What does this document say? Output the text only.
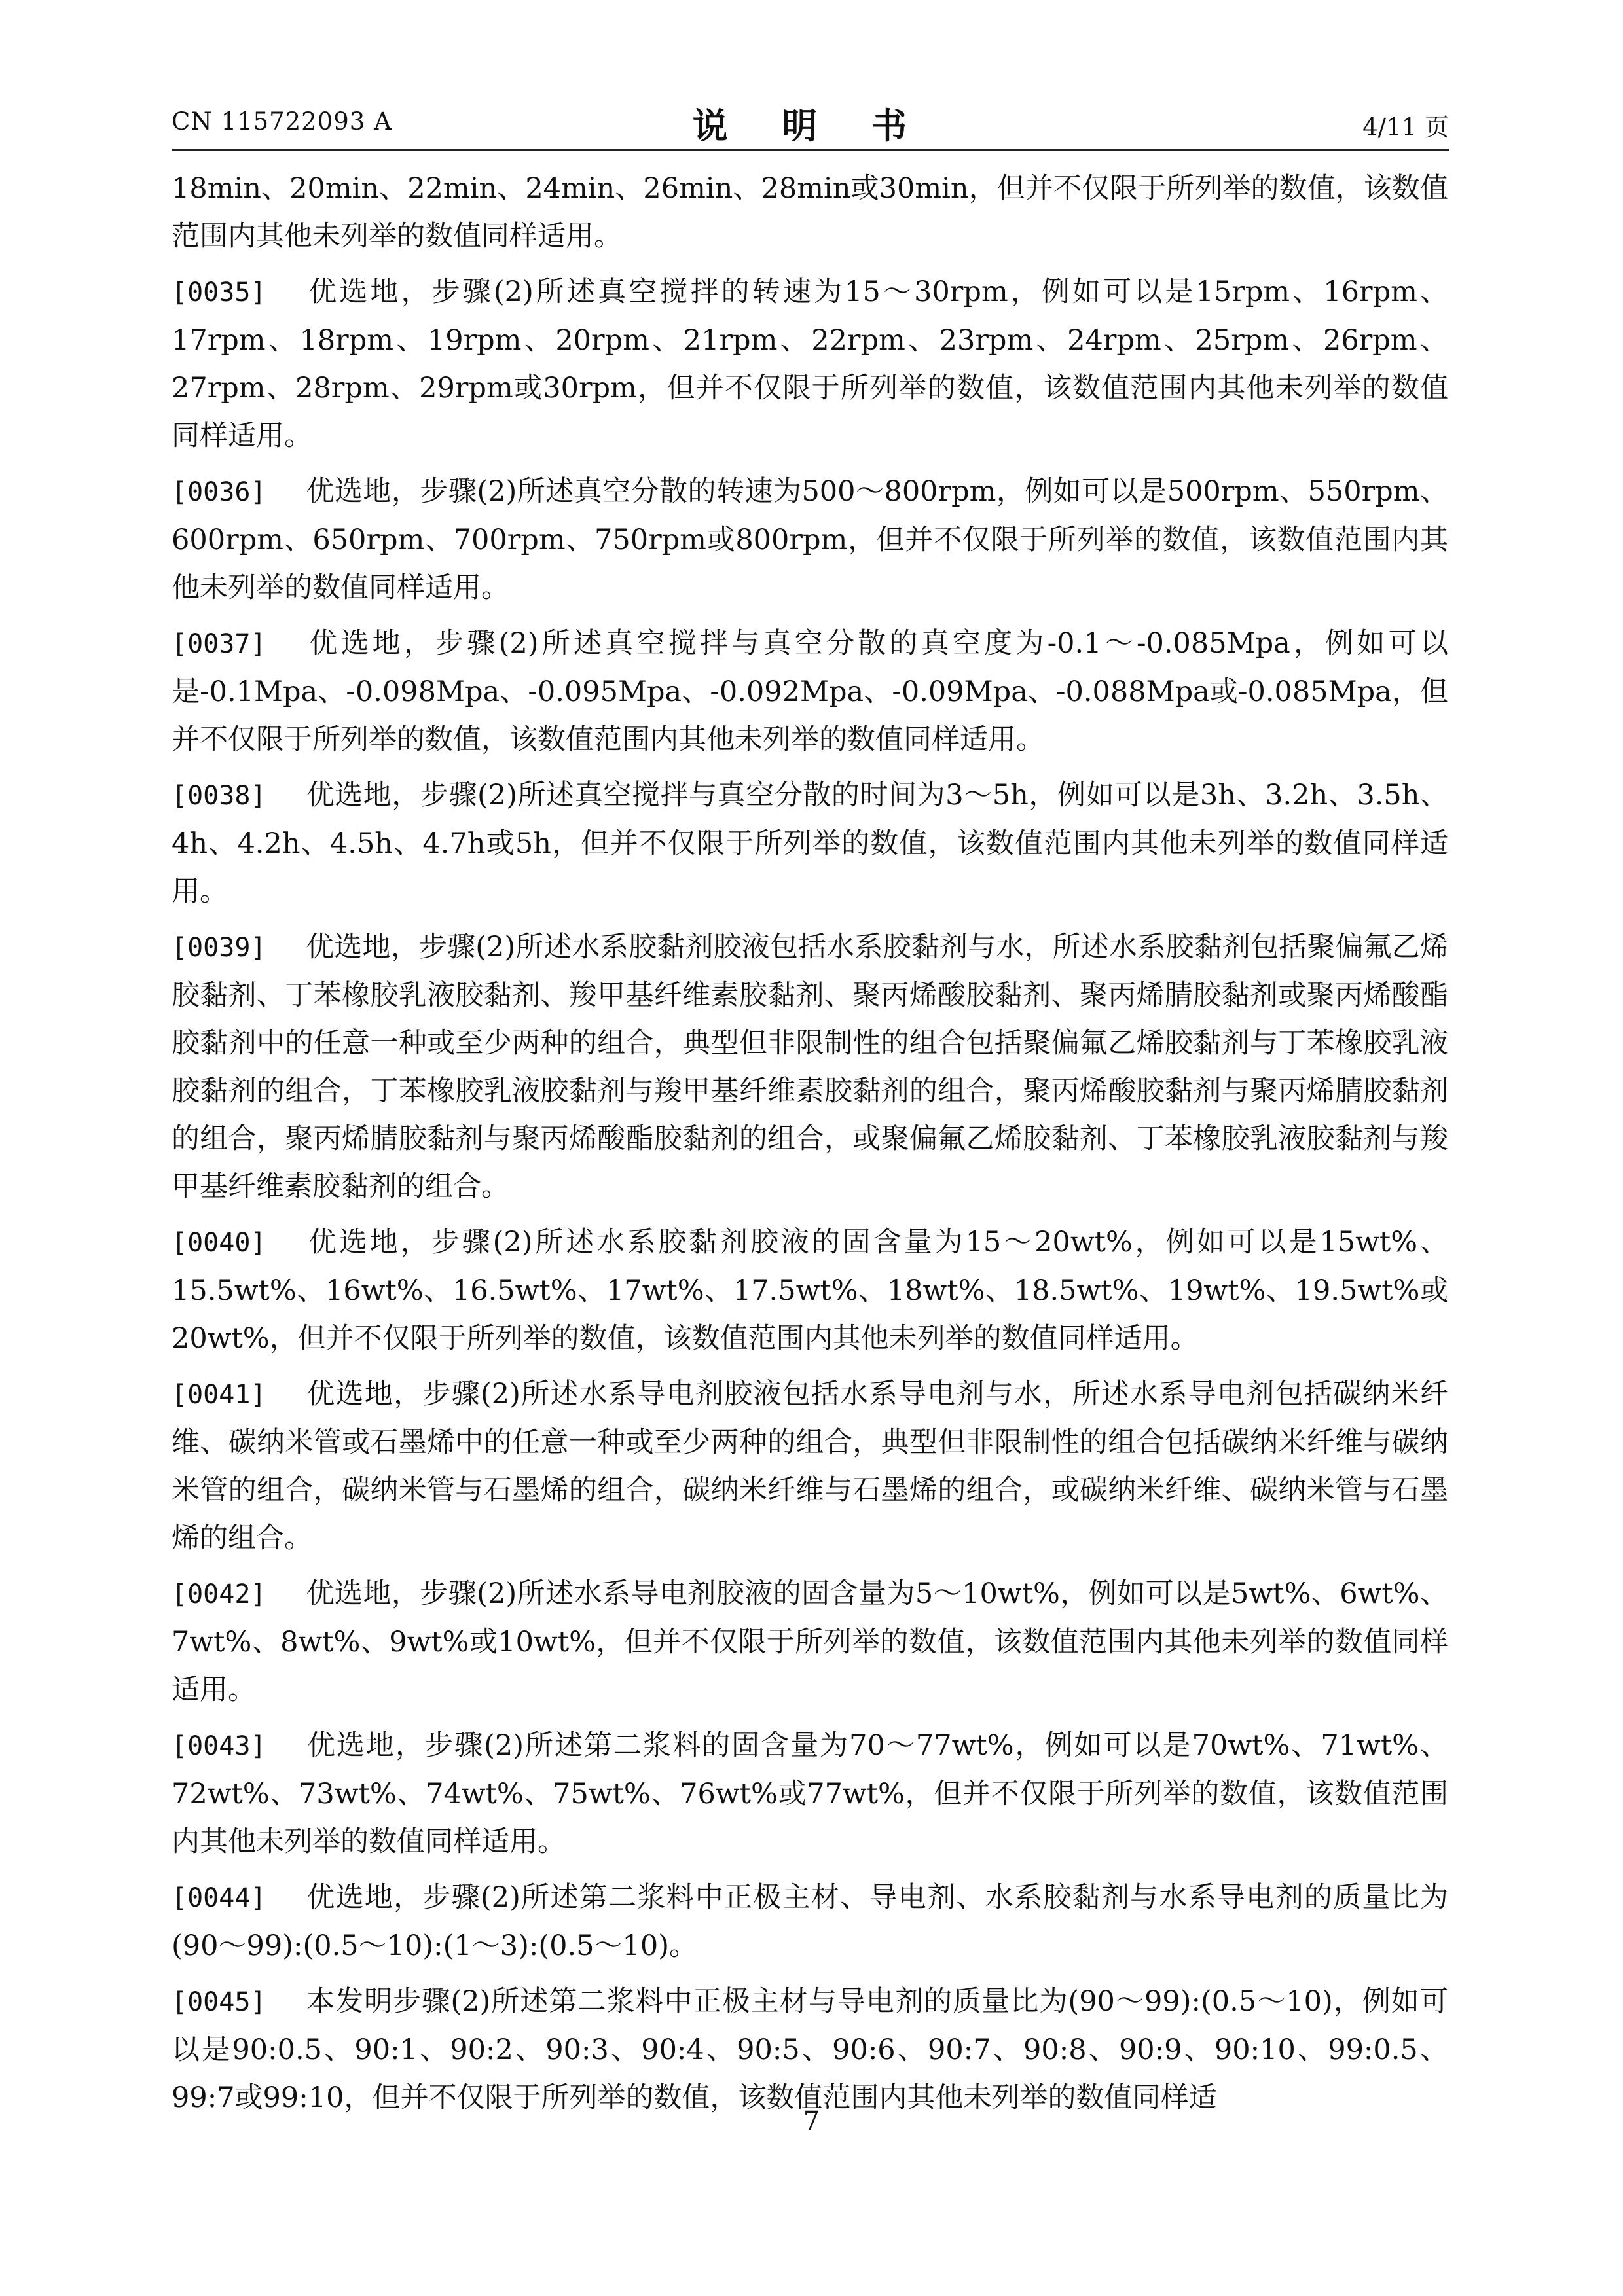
CN 115722093 A	说 明 书	4/11 页

18min、20min、22min、24min、26min、28min或30min，但并不仅限于所列举的数值，该数值范围内其他未列举的数值同样适用。

[0035] 优选地，步骤(2)所述真空搅拌的转速为15～30rpm，例如可以是15rpm、16rpm、17rpm、18rpm、19rpm、20rpm、21rpm、22rpm、23rpm、24rpm、25rpm、26rpm、27rpm、28rpm、29rpm或30rpm，但并不仅限于所列举的数值，该数值范围内其他未列举的数值同样适用。

[0036] 优选地，步骤(2)所述真空分散的转速为500～800rpm，例如可以是500rpm、550rpm、600rpm、650rpm、700rpm、750rpm或800rpm，但并不仅限于所列举的数值，该数值范围内其他未列举的数值同样适用。

[0037] 优选地，步骤(2)所述真空搅拌与真空分散的真空度为-0.1～-0.085Mpa，例如可以是-0.1Mpa、-0.098Mpa、-0.095Mpa、-0.092Mpa、-0.09Mpa、-0.088Mpa或-0.085Mpa，但并不仅限于所列举的数值，该数值范围内其他未列举的数值同样适用。

[0038] 优选地，步骤(2)所述真空搅拌与真空分散的时间为3～5h，例如可以是3h、3.2h、3.5h、4h、4.2h、4.5h、4.7h或5h，但并不仅限于所列举的数值，该数值范围内其他未列举的数值同样适用。

[0039] 优选地，步骤(2)所述水系胶黏剂胶液包括水系胶黏剂与水，所述水系胶黏剂包括聚偏氟乙烯胶黏剂、丁苯橡胶乳液胶黏剂、羧甲基纤维素胶黏剂、聚丙烯酸胶黏剂、聚丙烯腈胶黏剂或聚丙烯酸酯胶黏剂中的任意一种或至少两种的组合，典型但非限制性的组合包括聚偏氟乙烯胶黏剂与丁苯橡胶乳液胶黏剂的组合，丁苯橡胶乳液胶黏剂与羧甲基纤维素胶黏剂的组合，聚丙烯酸胶黏剂与聚丙烯腈胶黏剂的组合，聚丙烯腈胶黏剂与聚丙烯酸酯胶黏剂的组合，或聚偏氟乙烯胶黏剂、丁苯橡胶乳液胶黏剂与羧甲基纤维素胶黏剂的组合。

[0040] 优选地，步骤(2)所述水系胶黏剂胶液的固含量为15～20wt%，例如可以是15wt%、15.5wt%、16wt%、16.5wt%、17wt%、17.5wt%、18wt%、18.5wt%、19wt%、19.5wt%或20wt%，但并不仅限于所列举的数值，该数值范围内其他未列举的数值同样适用。

[0041] 优选地，步骤(2)所述水系导电剂胶液包括水系导电剂与水，所述水系导电剂包括碳纳米纤维、碳纳米管或石墨烯中的任意一种或至少两种的组合，典型但非限制性的组合包括碳纳米纤维与碳纳米管的组合，碳纳米管与石墨烯的组合，碳纳米纤维与石墨烯的组合，或碳纳米纤维、碳纳米管与石墨烯的组合。

[0042] 优选地，步骤(2)所述水系导电剂胶液的固含量为5～10wt%，例如可以是5wt%、6wt%、7wt%、8wt%、9wt%或10wt%，但并不仅限于所列举的数值，该数值范围内其他未列举的数值同样适用。

[0043] 优选地，步骤(2)所述第二浆料的固含量为70～77wt%，例如可以是70wt%、71wt%、72wt%、73wt%、74wt%、75wt%、76wt%或77wt%，但并不仅限于所列举的数值，该数值范围内其他未列举的数值同样适用。

[0044] 优选地，步骤(2)所述第二浆料中正极主材、导电剂、水系胶黏剂与水系导电剂的质量比为(90～99):(0.5～10):(1～3):(0.5～10)。

[0045] 本发明步骤(2)所述第二浆料中正极主材与导电剂的质量比为(90～99):(0.5～10)，例如可以是90:0.5、90:1、90:2、90:3、90:4、90:5、90:6、90:7、90:8、90:9、90:10、99:0.5、99:7或99:10，但并不仅限于所列举的数值，该数值范围内其他未列举的数值同样适

7
